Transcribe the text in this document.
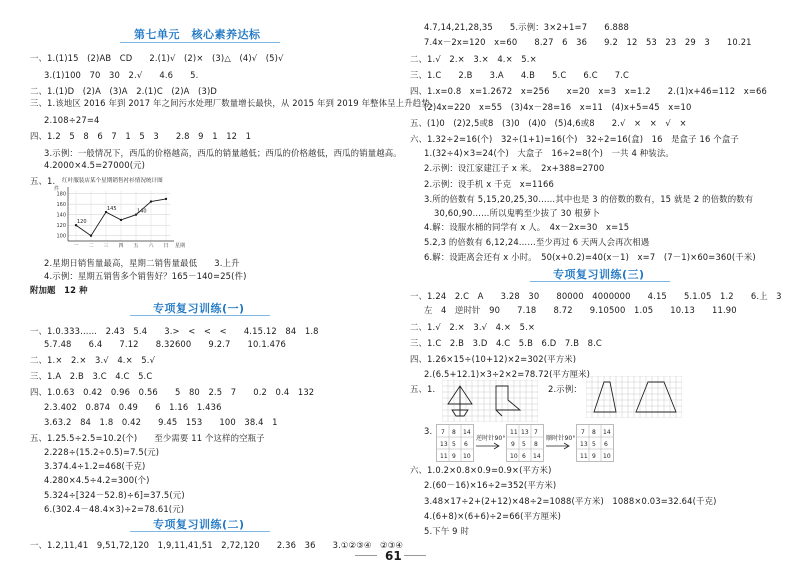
第七单元　核心素养达标
一、1.(1)15　(2)AB　CD　　2.(1)√　(2)×　(3)△　(4)√　(5)√
3.(1)100　70　30　2.√　　4.6　　5.
二、1.(1)D　(2)A　(3)A　2.(1)C　(2)A　(3)D
三、1.该地区 2016 年到 2017 年之间污水处理厂数量增长最快，从 2015 年到 2019 年整体呈上升趋势。
2.108÷27=4
四、1.2　5　8　6　7　1　5　3　　2.8　9　1　12　1
3.示例：一般情况下，西瓜的价格越高，西瓜的销量越低；西瓜的价格越低，西瓜的销量越高。
4.2000×4.5=27000(元)
五、1. 红叶服装店某个星期销售衬衫情况统计图
180
160
140
120
100
一 二 三 四 五 六 日
件
星期
120
145	140
2.星期日销售量最高，星期二销售量最低　　3.上升
4.示例：星期五销售多个销售好？165－140=25(件)
附加题　12 种
专项复习训练(一)
一、1.0.333……　2.43　5.4　　3.>　<　<　<　　4.15.12　84　1.8
5.7.48　　6.4　　7.12　　8.32600　　9.2.7　　10.1.476
二、1.×　2.×　3.√　4.×　5.√
三、1.A　2.B　3.C　4.C　5.C
四、1.0.63　0.42　0.96　0.56　　5　80　2.5　7　　0.2　0.4　132
2.3.402　0.874　0.49　　6　1.16　1.436
3.63.2　84　1.8　0.42　　9.45　153　　100　38.4　1
五、1.25.5÷2.5=10.2(个)　　至少需要 11 个这样的空瓶子
2.228÷(15.2÷0.5)=7.5(元)
3.374.4÷1.2=468(千克)
4.280×4.5÷4.2=300(个)
5.324÷[324－52.8)÷6]=37.5(元)
6.(302.4－48.4×3)÷2=78.61(元)
专项复习训练(二)
一、1.2,11,41　9,51,72,120　1,9,11,41,51　2,72,120　　2.36　36　　3.①②③④　②③④
4.7,14,21,28,35　　5.示例：3×2+1=7　　6.888
7.4x－2x=120　x=60　　8.27　6　36　　9.2　12　53　23　29　3　　10.21
二、1.√　2.×　3.×　4.×　5.×
三、1.C　　2.B　　3.A　　4.B　　5.C　　6.C　　7.C
四、1.x=0.8　x=1.2672　x=256　　x=20　x=3　x=1.2　　2.(1)x+46=112　x=66
(2)4x=220　x=55　(3)4x－28=16　x=11　(4)x+5=45　x=10
五、(1)0　(2)2,5或8　(3)0　(4)0　(5)4,6或8　　2.√　×　×　√　×
六、1.32÷2=16(个)　32÷(1+1)=16(个)　32÷2=16(盒)　16　是盒子 16 个盒子
1.(32÷4)×3=24(个)　大盒子　16÷2=8(个)　一共 4 种装法。
2.示例：设江家建江子 x 米。　2x+388=2700
2.示例：设手机 x 千克　x=1166
3.所的倍数有 5,15,20,25,30……其中也是 3 的倍数的数有，15 就是 2 的倍数的数有
30,60,90……所以鬼鸭至少拔了 30 根萝卜
4.解：设服水桶的同学有 x 人。　4x－2x=30　x=15
5.2,3 的倍数有 6,12,24……至少再过 6 天两人会再次相遇
6.解：设距离会还有 x 小时。　50(x+0.2)=40(x－1)　x=7　(7－1)×60=360(千米)
专项复习训练(三)
一、1.24　2.C　A　　3.28　30　　80000　4000000　　4.15　　5.1.05　1.2　　6.上　3
左　4　逆时针　90　　7.18　　8.72　　9.10500　1.05　　10.13　　11.90
二、1.√　2.×　3.√　4.×　5.×
三、1.C　2.B　3.D　4.C　5.B　6.D　7.B　8.C
四、1.26×15÷(10+12)×2=302(平方米)
2.(6.5+12.1)×3÷2×2=78.72(平方厘米)
五、1.	2.示例：
3. 7 8 14
13 5 6
11 9 10
逆时针90°
11 13 7
9 5 8
10 6 14
顺时针90°
7 8 14
13 5 6
11 9 10
六、1.0.2×0.8×0.9=0.9×(平方米)
2.(60－16)×16÷2=352(平方米)
3.48×17÷2+(2+12)×48÷2=1088(平方米)　1088×0.03=32.64(千克)
4.(6+8)×(6+6)÷2=66(平方厘米)
5.下午 9 时
61
